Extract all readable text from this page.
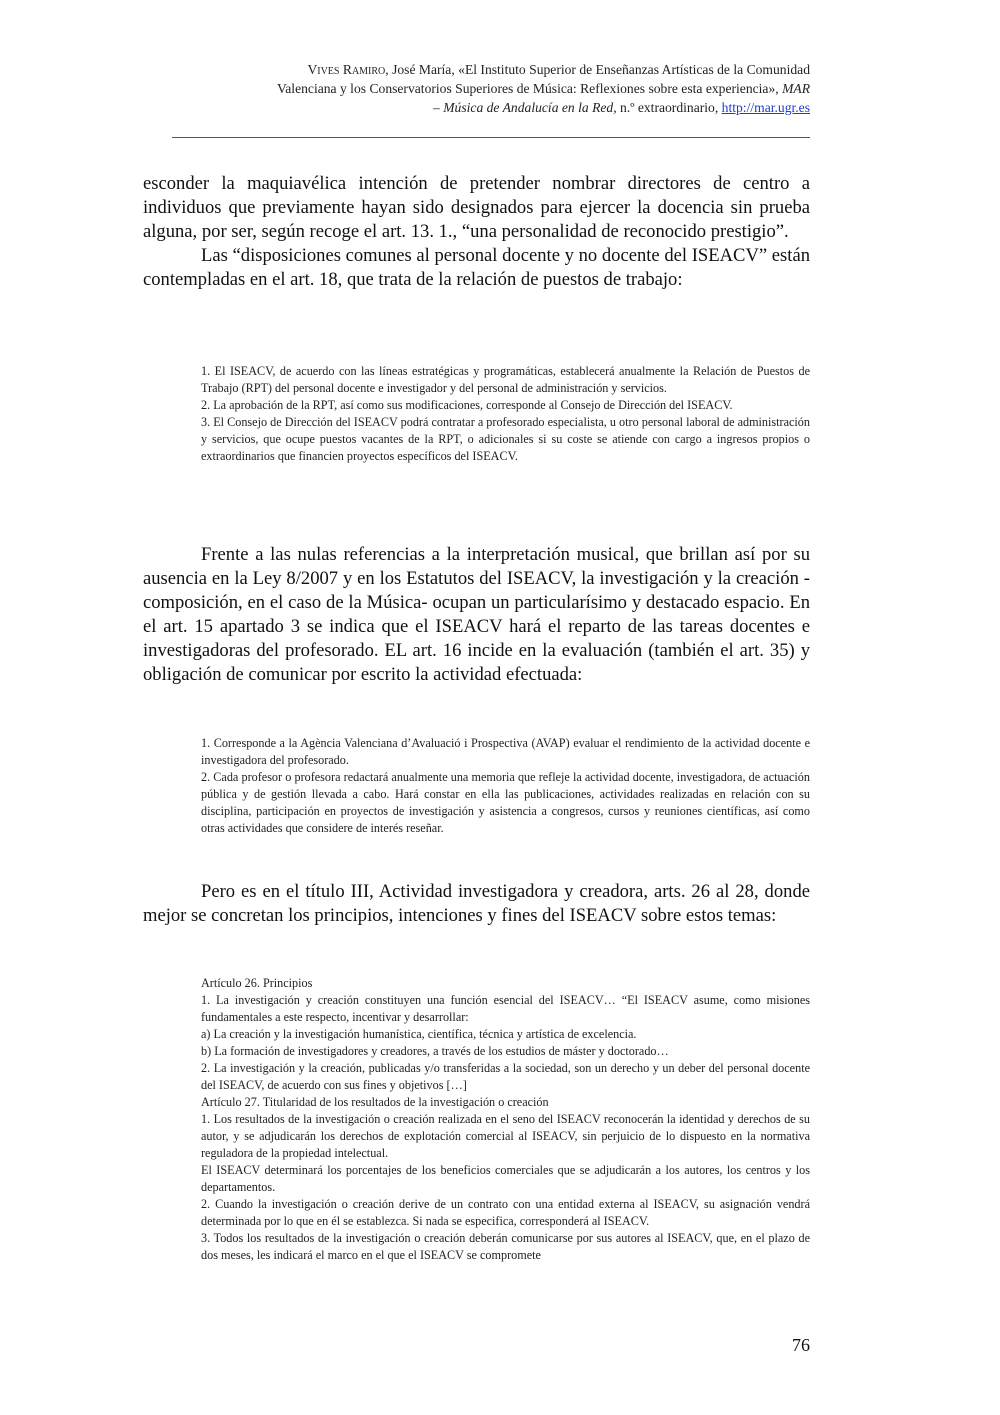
Vives Ramiro, José María, «El Instituto Superior de Enseñanzas Artísticas de la Comunidad
Valenciana y los Conservatorios Superiores de Música: Reflexiones sobre esta experiencia», MAR
– Música de Andalucía en la Red, n.º extraordinario, http://mar.ugr.es

esconder la maquiavélica intención de pretender nombrar directores de centro a individuos que previamente hayan sido designados para ejercer la docencia sin prueba alguna, por ser, según recoge el art. 13. 1., “una personalidad de reconocido prestigio”.

Las “disposiciones comunes al personal docente y no docente del ISEACV” están contempladas en el art. 18, que trata de la relación de puestos de trabajo:

1. El ISEACV, de acuerdo con las líneas estratégicas y programáticas, establecerá anualmente la Relación de Puestos de Trabajo (RPT) del personal docente e investigador y del personal de administración y servicios.

2. La aprobación de la RPT, así como sus modificaciones, corresponde al Consejo de Dirección del ISEACV.

3. El Consejo de Dirección del ISEACV podrá contratar a profesorado especialista, u otro personal laboral de administración y servicios, que ocupe puestos vacantes de la RPT, o adicionales si su coste se atiende con cargo a ingresos propios o extraordinarios que financien proyectos específicos del ISEACV.

Frente a las nulas referencias a la interpretación musical, que brillan así por su ausencia en la Ley 8/2007 y en los Estatutos del ISEACV, la investigación y la creación -composición, en el caso de la Música- ocupan un particularísimo y destacado espacio. En el art. 15 apartado 3 se indica que el ISEACV hará el reparto de las tareas docentes e investigadoras del profesorado. EL art. 16 incide en la evaluación (también el art. 35) y obligación de comunicar por escrito la actividad efectuada:

1. Corresponde a la Agència Valenciana d’Avaluació i Prospectiva (AVAP) evaluar el rendimiento de la actividad docente e investigadora del profesorado.

2. Cada profesor o profesora redactará anualmente una memoria que refleje la actividad docente, investigadora, de actuación pública y de gestión llevada a cabo. Hará constar en ella las publicaciones, actividades realizadas en relación con su disciplina, participación en proyectos de investigación y asistencia a congresos, cursos y reuniones científicas, así como otras actividades que considere de interés reseñar.

Pero es en el título III, Actividad investigadora y creadora, arts. 26 al 28, donde mejor se concretan los principios, intenciones y fines del ISEACV sobre estos temas:

Artículo 26. Principios

1. La investigación y creación constituyen una función esencial del ISEACV… “El ISEACV asume, como misiones fundamentales a este respecto, incentivar y desarrollar:

a) La creación y la investigación humanística, científica, técnica y artística de excelencia.

b) La formación de investigadores y creadores, a través de los estudios de máster y doctorado…

2. La investigación y la creación, publicadas y/o transferidas a la sociedad, son un derecho y un deber del personal docente del ISEACV, de acuerdo con sus fines y objetivos […]

Artículo 27. Titularidad de los resultados de la investigación o creación

1. Los resultados de la investigación o creación realizada en el seno del ISEACV reconocerán la identidad y derechos de su autor, y se adjudicarán los derechos de explotación comercial al ISEACV, sin perjuicio de lo dispuesto en la normativa reguladora de la propiedad intelectual.

El ISEACV determinará los porcentajes de los beneficios comerciales que se adjudicarán a los autores, los centros y los departamentos.

2. Cuando la investigación o creación derive de un contrato con una entidad externa al ISEACV, su asignación vendrá determinada por lo que en él se establezca. Si nada se especifica, corresponderá al ISEACV.

3. Todos los resultados de la investigación o creación deberán comunicarse por sus autores al ISEACV, que, en el plazo de dos meses, les indicará el marco en el que el ISEACV se compromete

76
